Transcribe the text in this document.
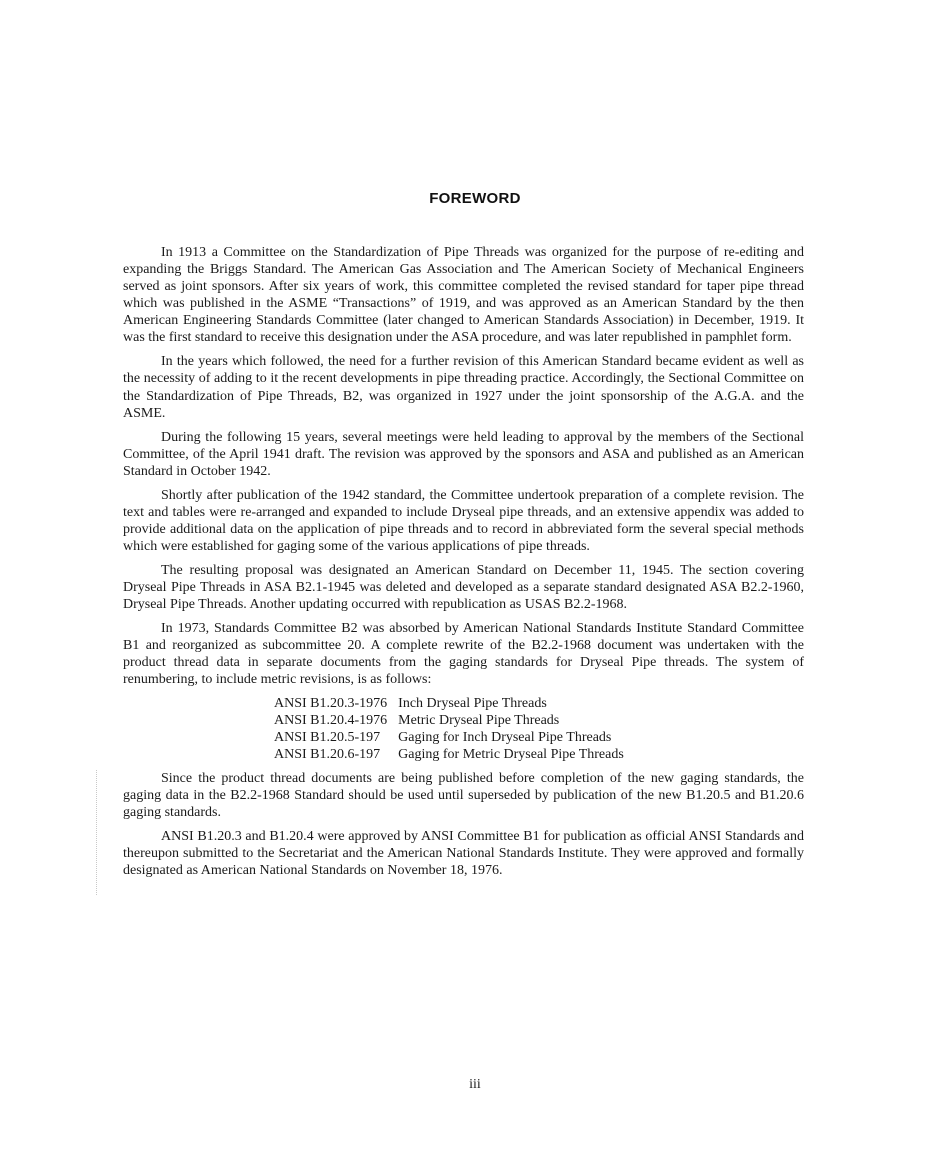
FOREWORD

In 1913 a Committee on the Standardization of Pipe Threads was organized for the purpose of re-editing and expanding the Briggs Standard. The American Gas Association and The American Society of Mechanical Engineers served as joint sponsors. After six years of work, this committee completed the revised standard for taper pipe thread which was published in the ASME “Transactions” of 1919, and was approved as an American Standard by the then American Engineering Standards Committee (later changed to American Standards Association) in December, 1919. It was the first standard to receive this designation under the ASA procedure, and was later republished in pamphlet form.

In the years which followed, the need for a further revision of this American Standard became evident as well as the necessity of adding to it the recent developments in pipe threading practice. Accordingly, the Sectional Committee on the Standardization of Pipe Threads, B2, was organized in 1927 under the joint sponsorship of the A.G.A. and the ASME.

During the following 15 years, several meetings were held leading to approval by the members of the Sectional Committee, of the April 1941 draft. The revision was approved by the sponsors and ASA and published as an American Standard in October 1942.

Shortly after publication of the 1942 standard, the Committee undertook preparation of a complete revision. The text and tables were re-arranged and expanded to include Dryseal pipe threads, and an extensive appendix was added to provide additional data on the application of pipe threads and to record in abbreviated form the several special methods which were established for gaging some of the various applications of pipe threads.

The resulting proposal was designated an American Standard on December 11, 1945. The section covering Dryseal Pipe Threads in ASA B2.1-1945 was deleted and developed as a separate standard designated ASA B2.2-1960, Dryseal Pipe Threads. Another updating occurred with republication as USAS B2.2-1968.

In 1973, Standards Committee B2 was absorbed by American National Standards Institute Standard Committee B1 and reorganized as subcommittee 20. A complete rewrite of the B2.2-1968 document was undertaken with the product thread data in separate documents from the gaging standards for Dryseal Pipe threads. The system of renumbering, to include metric revisions, is as follows:

ANSI B1.20.3-1976	Inch Dryseal Pipe Threads
ANSI B1.20.4-1976	Metric Dryseal Pipe Threads
ANSI B1.20.5-197	Gaging for Inch Dryseal Pipe Threads
ANSI B1.20.6-197	Gaging for Metric Dryseal Pipe Threads

Since the product thread documents are being published before completion of the new gaging standards, the gaging data in the B2.2-1968 Standard should be used until superseded by publication of the new B1.20.5 and B1.20.6 gaging standards.

ANSI B1.20.3 and B1.20.4 were approved by ANSI Committee B1 for publication as official ANSI Standards and thereupon submitted to the Secretariat and the American National Standards Institute. They were approved and formally designated as American National Standards on November 18, 1976.

iii
